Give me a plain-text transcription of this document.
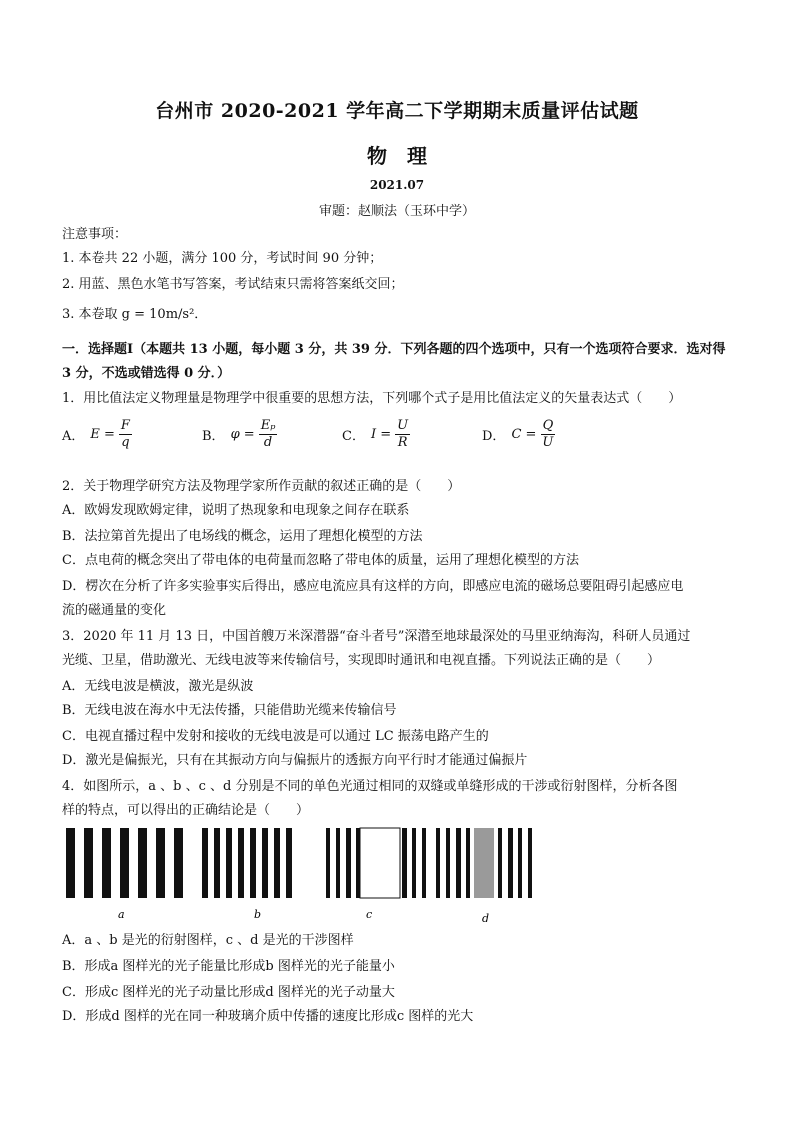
台州市 2020-2021 学年高二下学期期末质量评估试题
物理
2021.07
审题：赵顺法（玉环中学）
注意事项：
1. 本卷共 22 小题，满分 100 分，考试时间 90 分钟；
2. 用蓝、黑色水笔书写答案，考试结束只需将答案纸交回；
3. 本卷取 g = 10m/s²．
一．选择题Ⅰ（本题共 13 小题，每小题 3 分，共 39 分．下列各题的四个选项中，只有一个选项符合要求．选对得 3 分，不选或错选得 0 分．）
1．用比值法定义物理量是物理学中很重要的思想方法，下列哪个式子是用比值法定义的矢量表达式（　　）
A． $E = \frac{F}{q}$	B． $\varphi = \frac{\text{Eₚ}}{d}$	C． $I = \frac{U}{R}$	D． $C = \frac{Q}{U}$
2．关于物理学研究方法及物理学家所作贡献的叙述正确的是（　　）
A．欧姆发现欧姆定律，说明了热现象和电现象之间存在联系
B．法拉第首先提出了电场线的概念，运用了理想化模型的方法
C．点电荷的概念突出了带电体的电荷量而忽略了带电体的质量，运用了理想化模型的方法
D．楞次在分析了许多实验事实后得出，感应电流应具有这样的方向，即感应电流的磁场总要阻碍引起感应电
流的磁通量的变化
3．2020 年 11 月 13 日，中国首艘万米深潜器“奋斗者号”深潜至地球最深处的马里亚纳海沟，科研人员通过
光缆、卫星，借助激光、无线电波等来传输信号，实现即时通讯和电视直播。下列说法正确的是（　　）
A．无线电波是横波，激光是纵波
B．无线电波在海水中无法传播，只能借助光缆来传输信号
C．电视直播过程中发射和接收的无线电波是可以通过 LC 振荡电路产生的
D．激光是偏振光，只有在其振动方向与偏振片的透振方向平行时才能通过偏振片
4．如图所示，a 、b 、c 、d 分别是不同的单色光通过相同的双缝或单缝形成的干涉或衍射图样，分析各图
样的特点，可以得出的正确结论是（　　）
a	b	c	d
A．a 、b 是光的衍射图样，c 、d 是光的干涉图样
B．形成a 图样光的光子能量比形成b 图样光的光子能量小
C．形成c 图样光的光子动量比形成d 图样光的光子动量大
D．形成d 图样的光在同一种玻璃介质中传播的速度比形成c 图样的光大
